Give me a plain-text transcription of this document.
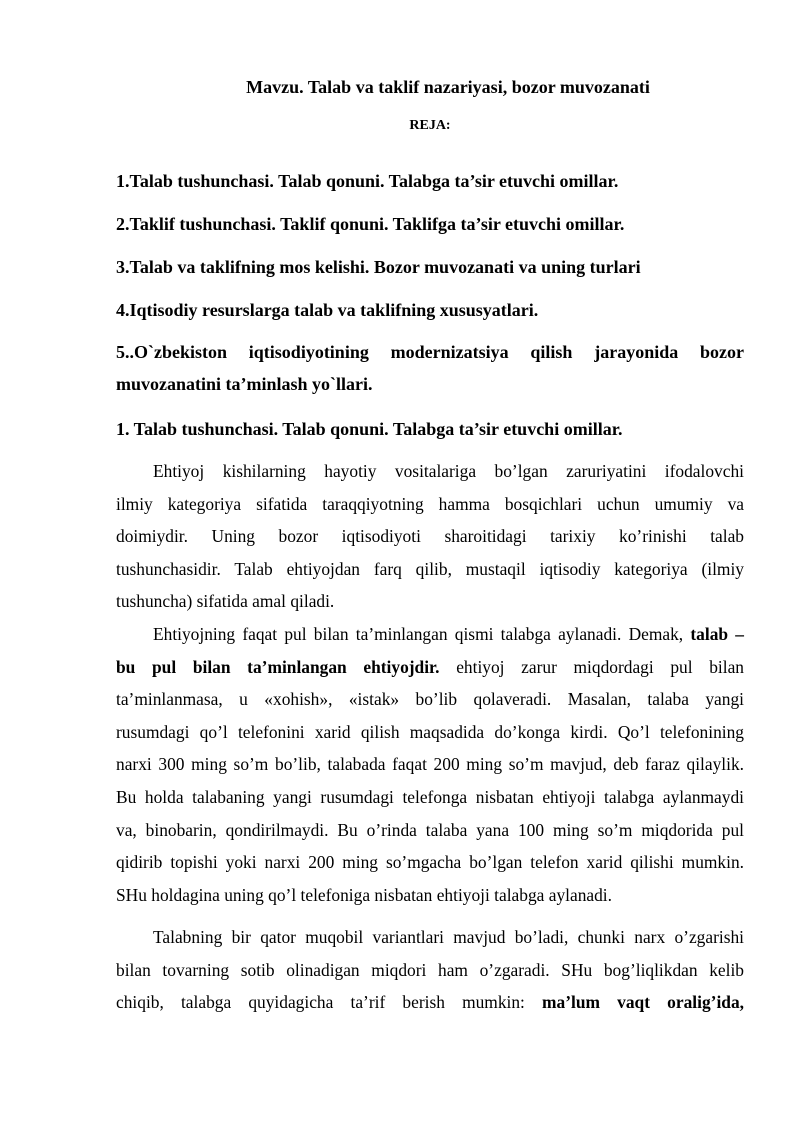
Mavzu. Talab va taklif nazariyasi, bozor muvozanati
REJA:
1.Talab tushunchasi. Talab qonuni. Talabga ta’sir etuvchi omillar.
2.Taklif tushunchasi. Taklif qonuni. Taklifga ta’sir etuvchi omillar.
3.Talab va taklifning mos kelishi. Bozor muvozanati va uning turlari
4.Iqtisodiy resurslarga talab va taklifning xususyatlari.
5..O`zbekiston iqtisodiyotining modernizatsiya qilish jarayonida bozor
muvozanatini ta’minlash yo`llari.
1. Talab tushunchasi. Talab qonuni. Talabga ta’sir etuvchi omillar.
Ehtiyoj kishilarning hayotiy vositalariga bo’lgan zaruriyatini ifodalovchi
ilmiy kategoriya sifatida taraqqiyotning hamma bosqichlari uchun umumiy va
doimiydir. Uning bozor iqtisodiyoti sharoitidagi tarixiy ko’rinishi talab
tushunchasidir. Talab ehtiyojdan farq qilib, mustaqil iqtisodiy kategoriya (ilmiy
tushuncha) sifatida amal qiladi.
Ehtiyojning faqat pul bilan ta’minlangan qismi talabga aylanadi. Demak, talab –
bu pul bilan ta’minlangan ehtiyojdir. ehtiyoj zarur miqdordagi pul bilan
ta’minlanmasa, u «xohish», «istak» bo’lib qolaveradi. Masalan, talaba yangi
rusumdagi qo’l telefonini xarid qilish maqsadida do’konga kirdi. Qo’l telefonining
narxi 300 ming so’m bo’lib, talabada faqat 200 ming so’m mavjud, deb faraz qilaylik.
Bu holda talabaning yangi rusumdagi telefonga nisbatan ehtiyoji talabga aylanmaydi
va, binobarin, qondirilmaydi. Bu o’rinda talaba yana 100 ming so’m miqdorida pul
qidirib topishi yoki narxi 200 ming so’mgacha bo’lgan telefon xarid qilishi mumkin.
SHu holdagina uning qo’l telefoniga nisbatan ehtiyoji talabga aylanadi.
Talabning bir qator muqobil variantlari mavjud bo’ladi, chunki narx o’zgarishi
bilan tovarning sotib olinadigan miqdori ham o’zgaradi. SHu bog’liqlikdan kelib
chiqib, talabga quyidagicha ta’rif berish mumkin: ma’lum vaqt oralig’ida,
